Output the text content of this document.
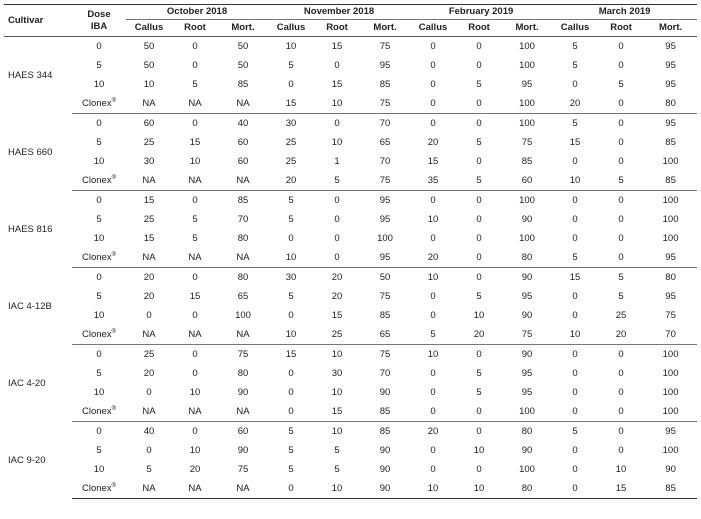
Cultivar	Dose
IBA	October 2018			November 2018			February 2019			March 2019		
		Callus	Root	Mort.	Callus	Root	Mort.	Callus	Root	Mort.	Callus	Root	Mort.
HAES 344	0	50	0	50	10	15	75	0	0	100	5	0	95
	5	50	0	50	5	0	95	0	0	100	5	0	95
	10	10	5	85	0	15	85	0	5	95	0	5	95
	Clonex®	NA	NA	NA	15	10	75	0	0	100	20	0	80
HAES 660	0	60	0	40	30	0	70	0	0	100	5	0	95
	5	25	15	60	25	10	65	20	5	75	15	0	85
	10	30	10	60	25	1	70	15	0	85	0	0	100
	Clonex®	NA	NA	NA	20	5	75	35	5	60	10	5	85
HAES 816	0	15	0	85	5	0	95	0	0	100	0	0	100
	5	25	5	70	5	0	95	10	0	90	0	0	100
	10	15	5	80	0	0	100	0	0	100	0	0	100
	Clonex®	NA	NA	NA	10	0	95	20	0	80	5	0	95
IAC 4-12B	0	20	0	80	30	20	50	10	0	90	15	5	80
	5	20	15	65	5	20	75	0	5	95	0	5	95
	10	0	0	100	0	15	85	0	10	90	0	25	75
	Clonex®	NA	NA	NA	10	25	65	5	20	75	10	20	70
IAC 4-20	0	25	0	75	15	10	75	10	0	90	0	0	100
	5	20	0	80	0	30	70	0	5	95	0	0	100
	10	0	10	90	0	10	90	0	5	95	0	0	100
	Clonex®	NA	NA	NA	0	15	85	0	0	100	0	0	100
IAC 9-20	0	40	0	60	5	10	85	20	0	80	5	0	95
	5	0	10	90	5	5	90	0	10	90	0	0	100
	10	5	20	75	5	5	90	0	0	100	0	10	90
	Clonex®	NA	NA	NA	0	10	90	10	10	80	0	15	85
